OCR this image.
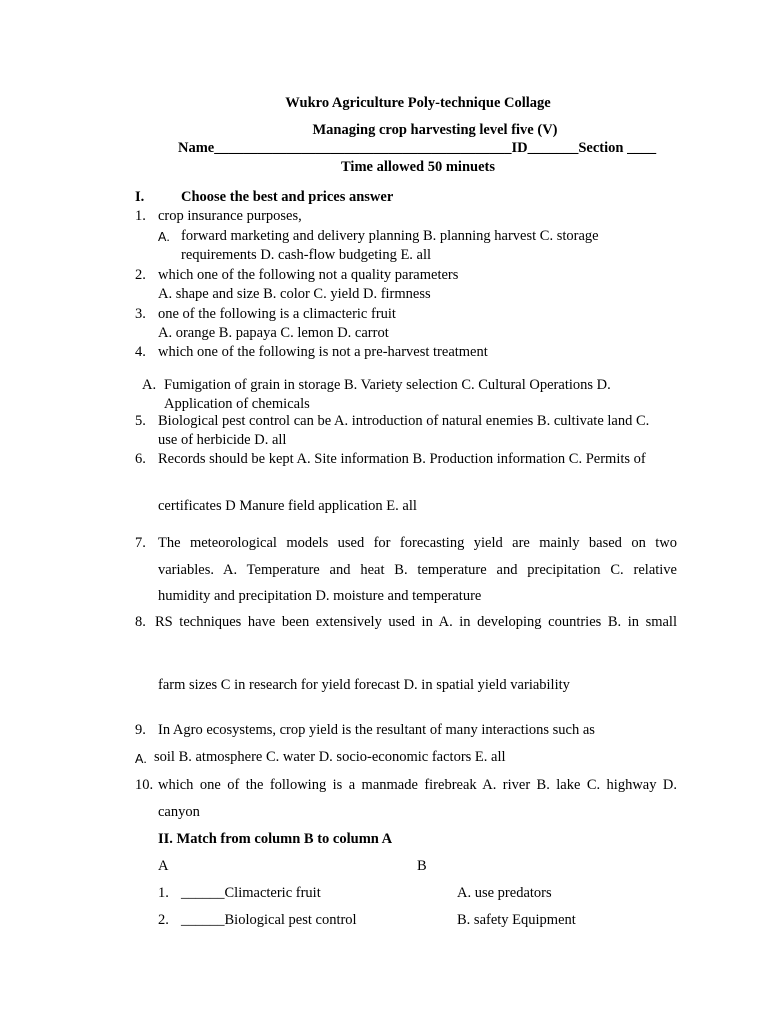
Wukro Agriculture Poly-technique Collage
Managing crop harvesting level five (V)
Name_________________________________________ID_______Section ____
Time allowed 50 minuets
I.	Choose the best and prices answer
1. crop insurance purposes,
A. forward marketing and delivery planning B. planning harvest C. storage
requirements D. cash-flow budgeting E. all
2. which one of the following not a quality parameters
A. shape and size B. color C. yield D. firmness
3. one of the following is a climacteric fruit
A. orange B. papaya C. lemon D. carrot
4. which one of the following is not a pre-harvest treatment
A. Fumigation of grain in storage B. Variety selection C. Cultural Operations D.
Application of chemicals
5. Biological pest control can be A. introduction of natural enemies B. cultivate land C.
use of herbicide D. all
6. Records should be kept A. Site information B. Production information C. Permits of
certificates D Manure field application E. all
7. The meteorological models used for forecasting yield are mainly based on two
variables. A. Temperature and heat B. temperature and precipitation C. relative
humidity and precipitation D. moisture and temperature
8. RS techniques have been extensively used in A. in developing countries B. in small
farm sizes C in research for yield forecast D. in spatial yield variability
9. In Agro ecosystems, crop yield is the resultant of many interactions such as
A. soil B. atmosphere C. water D. socio-economic factors E. all
10. which one of the following is a manmade firebreak A. river B. lake C. highway D.
canyon
II. Match from column B to column A
A	B
1. ______Climacteric fruit	A. use predators
2. ______Biological pest control	B. safety Equipment
